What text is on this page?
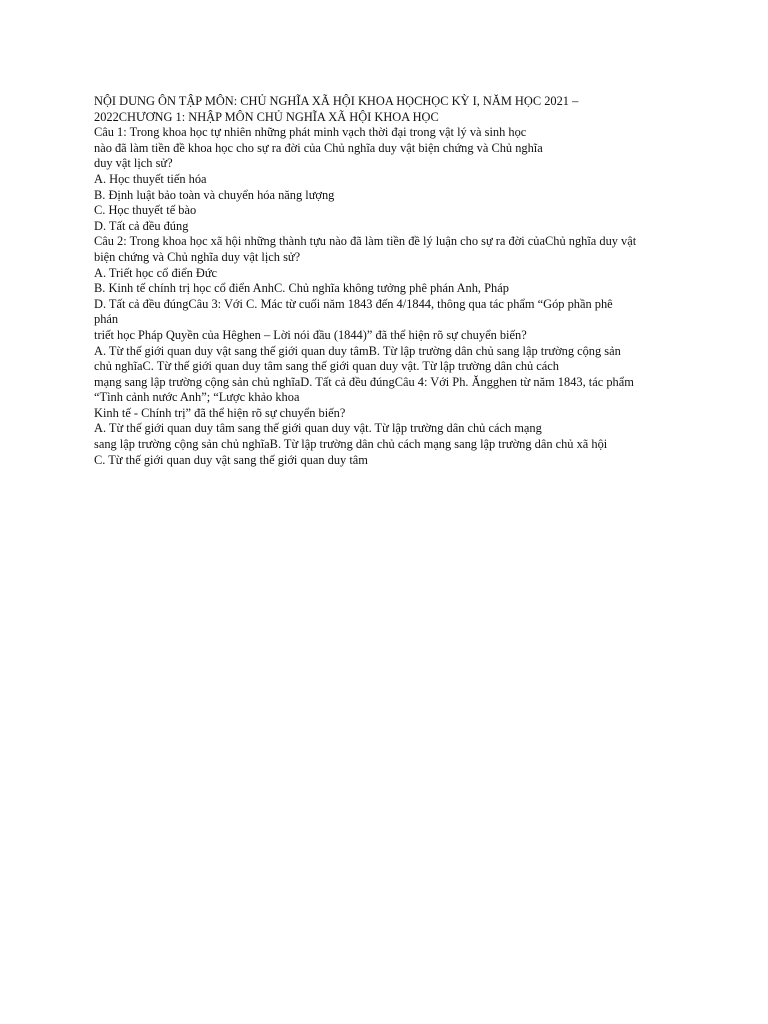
NỘI DUNG ÔN TẬP MÔN: CHỦ NGHĨA XÃ HỘI KHOA HỌCHỌC KỲ I, NĂM HỌC 2021 –

2022CHƯƠNG 1: NHẬP MÔN CHỦ NGHĨA XÃ HỘI KHOA HỌC

Câu 1: Trong khoa học tự nhiên những phát minh vạch thời đại trong vật lý và sinh học

nào đã làm tiền đề khoa học cho sự ra đời của Chủ nghĩa duy vật biện chứng và Chủ nghĩa

duy vật lịch sử?

A. Học thuyết tiến hóa

B. Định luật bảo toàn và chuyển hóa năng lượng

C. Học thuyết tế bào

D. Tất cả đều đúng

Câu 2: Trong khoa học xã hội những thành tựu nào đã làm tiền đề lý luận cho sự ra đời củaChủ nghĩa duy vật

biện chứng và Chủ nghĩa duy vật lịch sử?

A. Triết học cổ điển Đức

B. Kinh tế chính trị học cổ điển AnhC. Chủ nghĩa không tưởng phê phán Anh, Pháp

D. Tất cả đều đúngCâu 3: Với C. Mác từ cuối năm 1843 đến 4/1844, thông qua tác phẩm “Góp phần phê

phán

triết học Pháp Quyền của Hêghen – Lời nói đầu (1844)” đã thể hiện rõ sự chuyển biến?

A. Từ thế giới quan duy vật sang thế giới quan duy tâmB. Từ lập trường dân chủ sang lập trường cộng sản

chủ nghĩaC. Từ thế giới quan duy tâm sang thế giới quan duy vật. Từ lập trường dân chủ cách

mạng sang lập trường cộng sản chủ nghĩaD. Tất cả đều đúngCâu 4: Với Ph. Ăngghen từ năm 1843, tác phẩm

“Tình cảnh nước Anh”; “Lược khảo khoa

Kinh tế - Chính trị” đã thể hiện rõ sự chuyển biến?

A. Từ thế giới quan duy tâm sang thế giới quan duy vật. Từ lập trường dân chủ cách mạng

sang lập trường cộng sản chủ nghĩaB. Từ lập trường dân chủ cách mạng sang lập trường dân chủ xã hội

C. Từ thế giới quan duy vật sang thế giới quan duy tâm
